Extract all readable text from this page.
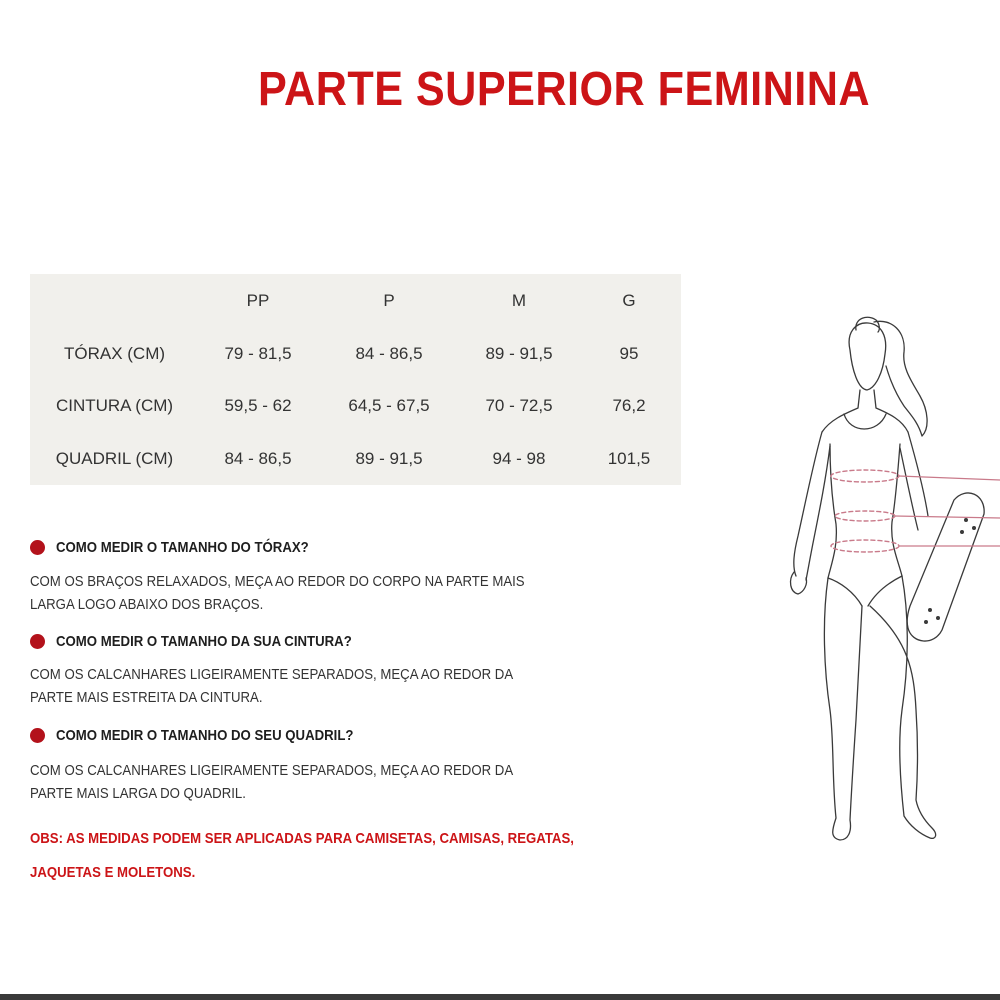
PARTE SUPERIOR FEMININA
	PP	P	M	G
TÓRAX (CM)	79 - 81,5	84 - 86,5	89 - 91,5	95
CINTURA (CM)	59,5 - 62	64,5 - 67,5	70 - 72,5	76,2
QUADRIL (CM)	84 - 86,5	89 - 91,5	94 - 98	101,5
COMO MEDIR O TAMANHO DO TÓRAX?
COM OS BRAÇOS RELAXADOS, MEÇA AO REDOR DO CORPO NA PARTE MAIS
LARGA LOGO ABAIXO DOS BRAÇOS.
COMO MEDIR O TAMANHO DA SUA CINTURA?
COM OS CALCANHARES LIGEIRAMENTE SEPARADOS, MEÇA AO REDOR DA
PARTE MAIS ESTREITA DA CINTURA.
COMO MEDIR O TAMANHO DO SEU QUADRIL?
COM OS CALCANHARES LIGEIRAMENTE SEPARADOS, MEÇA AO REDOR DA
PARTE MAIS LARGA DO QUADRIL.
OBS: AS MEDIDAS PODEM SER APLICADAS PARA CAMISETAS, CAMISAS, REGATAS,
JAQUETAS E MOLETONS.
